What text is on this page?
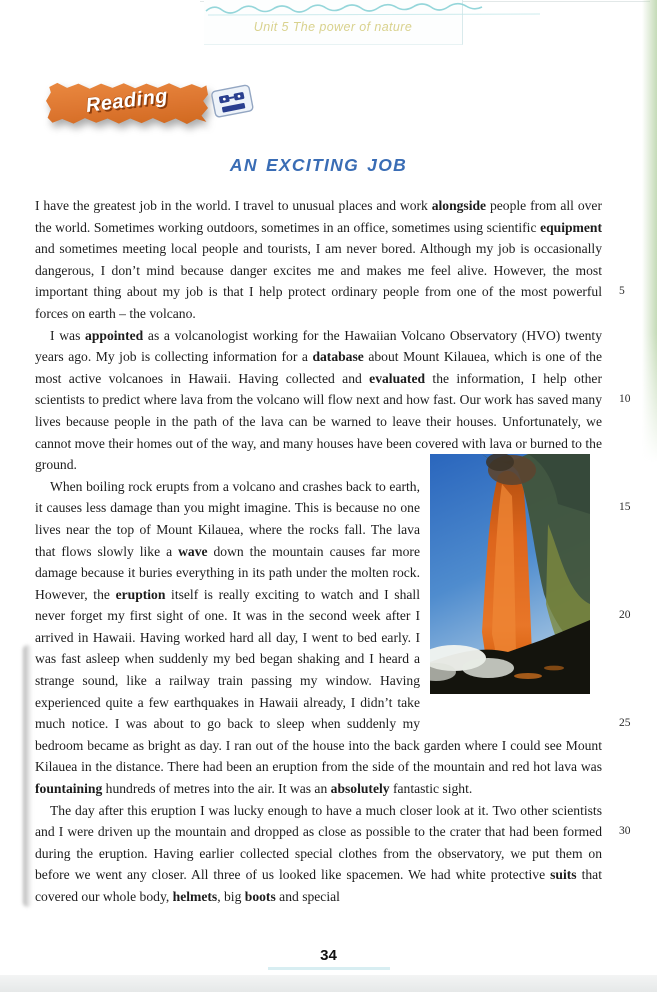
Unit 5 The power of nature
Reading
AN EXCITING JOB

I have the greatest job in the world. I travel to unusual places and work alongside people from all over the world. Sometimes working outdoors, sometimes in an office, sometimes using scientific equipment and sometimes meeting local people and tourists, I am never bored. Although my job is occasionally dangerous, I don’t mind because danger excites me and makes me feel alive. However, the most important thing about my job is that I help protect ordinary people from one of the most powerful forces on earth – the volcano.

I was appointed as a volcanologist working for the Hawaiian Volcano Observatory (HVO) twenty years ago. My job is collecting information for a database about Mount Kilauea, which is one of the most active volcanoes in Hawaii. Having collected and evaluated the information, I help other scientists to predict where lava from the volcano will flow next and how fast. Our work has saved many lives because people in the path of the lava can be warned to leave their houses. Unfortunately, we cannot move their homes out of the way, and many houses have been covered with lava or burned to the ground.

When boiling rock erupts from a volcano and crashes back to earth, it causes less damage than you might imagine. This is because no one lives near the top of Mount Kilauea, where the rocks fall. The lava that flows slowly like a wave down the mountain causes far more damage because it buries everything in its path under the molten rock. However, the eruption itself is really exciting to watch and I shall never forget my first sight of one. It was in the second week after I arrived in Hawaii. Having worked hard all day, I went to bed early. I was fast asleep when suddenly my bed began shaking and I heard a strange sound, like a railway train passing my window. Having experienced quite a few earthquakes in Hawaii already, I didn’t take much notice. I was about to go back to sleep when suddenly my bedroom became as bright as day. I ran out of the house into the back garden where I could see Mount Kilauea in the distance. There had been an eruption from the side of the mountain and red hot lava was fountaining hundreds of metres into the air. It was an absolutely fantastic sight.

The day after this eruption I was lucky enough to have a much closer look at it. Two other scientists and I were driven up the mountain and dropped as close as possible to the crater that had been formed during the eruption. Having earlier collected special clothes from the observatory, we put them on before we went any closer. All three of us looked like spacemen. We had white protective suits that covered our whole body, helmets, big boots and special

5
10
15
20
25
30
34
